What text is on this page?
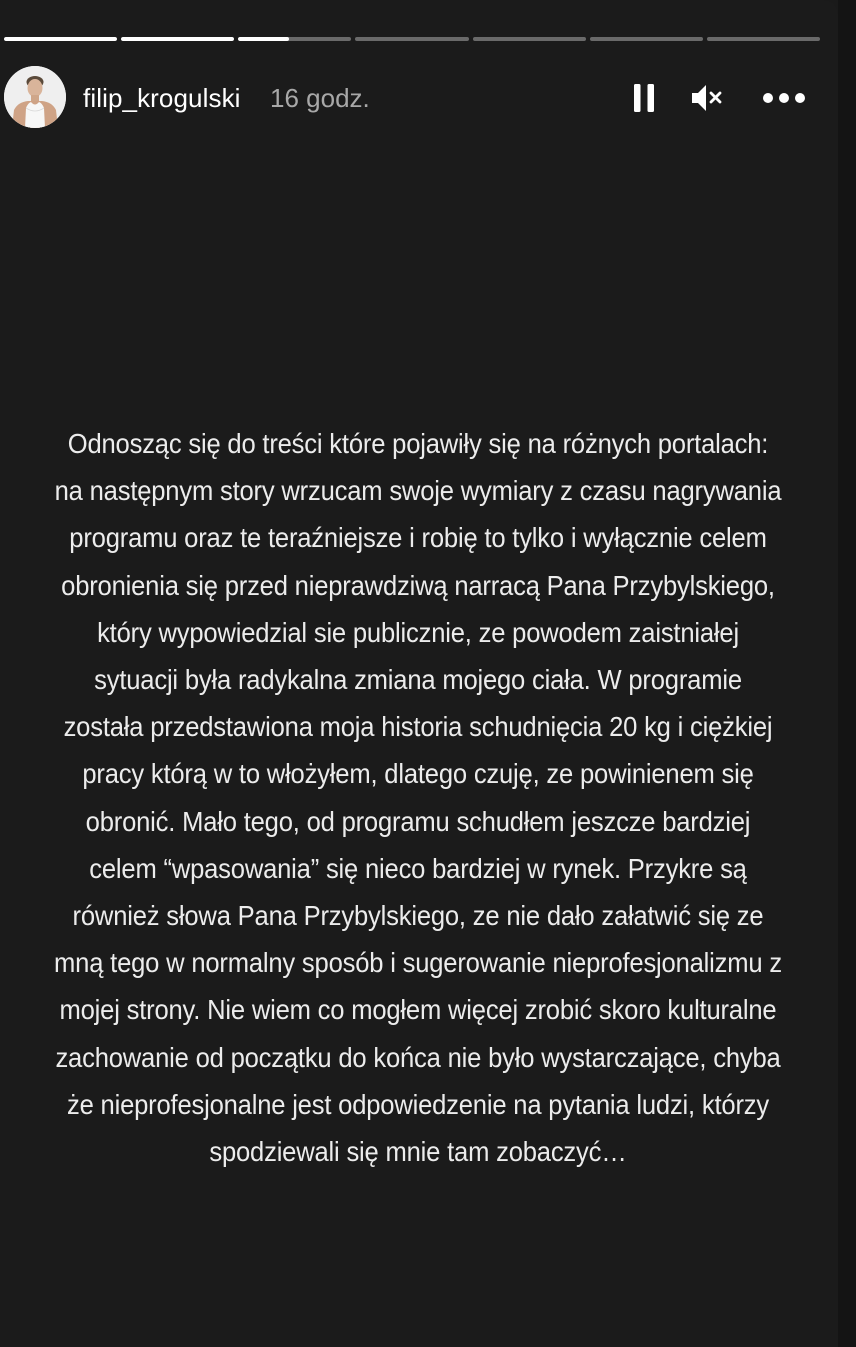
filip_krogulski 16 godz.
Odnosząc się do treści które pojawiły się na różnych portalach:
na następnym story wrzucam swoje wymiary z czasu nagrywania
programu oraz te teraźniejsze i robię to tylko i wyłącznie celem
obronienia się przed nieprawdziwą narracą Pana Przybylskiego,
który wypowiedzial sie publicznie, ze powodem zaistniałej
sytuacji była radykalna zmiana mojego ciała. W programie
została przedstawiona moja historia schudnięcia 20 kg i ciężkiej
pracy którą w to włożyłem, dlatego czuję, ze powinienem się
obronić. Mało tego, od programu schudłem jeszcze bardziej
celem “wpasowania” się nieco bardziej w rynek. Przykre są
również słowa Pana Przybylskiego, ze nie dało załatwić się ze
mną tego w normalny sposób i sugerowanie nieprofesjonalizmu z
mojej strony. Nie wiem co mogłem więcej zrobić skoro kulturalne
zachowanie od początku do końca nie było wystarczające, chyba
że nieprofesjonalne jest odpowiedzenie na pytania ludzi, którzy
spodziewali się mnie tam zobaczyć…
